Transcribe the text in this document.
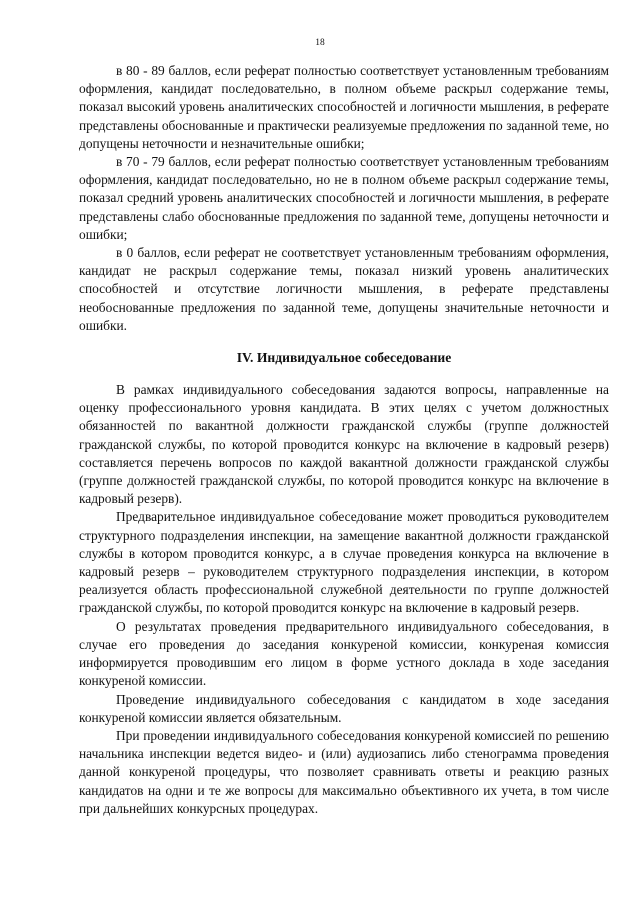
18

в 80 - 89 баллов, если реферат полностью соответствует установленным требованиям оформления, кандидат последовательно, в полном объеме раскрыл содержание темы, показал высокий уровень аналитических способностей и логичности мышления, в реферате представлены обоснованные и практически реализуемые предложения по заданной теме, но допущены неточности и незначительные ошибки;

в 70 - 79 баллов, если реферат полностью соответствует установленным требованиям оформления, кандидат последовательно, но не в полном объеме раскрыл содержание темы, показал средний уровень аналитических способностей и логичности мышления, в реферате представлены слабо обоснованные предложения по заданной теме, допущены неточности и ошибки;

в 0 баллов, если реферат не соответствует установленным требованиям оформления, кандидат не раскрыл содержание темы, показал низкий уровень аналитических способностей и отсутствие логичности мышления, в реферате представлены необоснованные предложения по заданной теме, допущены значительные неточности и ошибки.

IV. Индивидуальное собеседование

В рамках индивидуального собеседования задаются вопросы, направленные на оценку профессионального уровня кандидата. В этих целях с учетом должностных обязанностей по вакантной должности гражданской службы (группе должностей гражданской службы, по которой проводится конкурс на включение в кадровый резерв) составляется перечень вопросов по каждой вакантной должности гражданской службы (группе должностей гражданской службы, по которой проводится конкурс на включение в кадровый резерв).

Предварительное индивидуальное собеседование может проводиться руководителем структурного подразделения инспекции, на замещение вакантной должности гражданской службы в котором проводится конкурс, а в случае проведения конкурса на включение в кадровый резерв – руководителем структурного подразделения инспекции, в котором реализуется область профессиональной служебной деятельности по группе должностей гражданской службы, по которой проводится конкурс на включение в кадровый резерв.

О результатах проведения предварительного индивидуального собеседования, в случае его проведения до заседания конкуреной комиссии, конкуреная комиссия информируется проводившим его лицом в форме устного доклада в ходе заседания конкуреной комиссии.

Проведение индивидуального собеседования с кандидатом в ходе заседания конкуреной комиссии является обязательным.

При проведении индивидуального собеседования конкуреной комиссией по решению начальника инспекции ведется видео- и (или) аудиозапись либо стенограмма проведения данной конкуреной процедуры, что позволяет сравнивать ответы и реакцию разных кандидатов на одни и те же вопросы для максимально объективного их учета, в том числе при дальнейших конкурсных процедурах.
